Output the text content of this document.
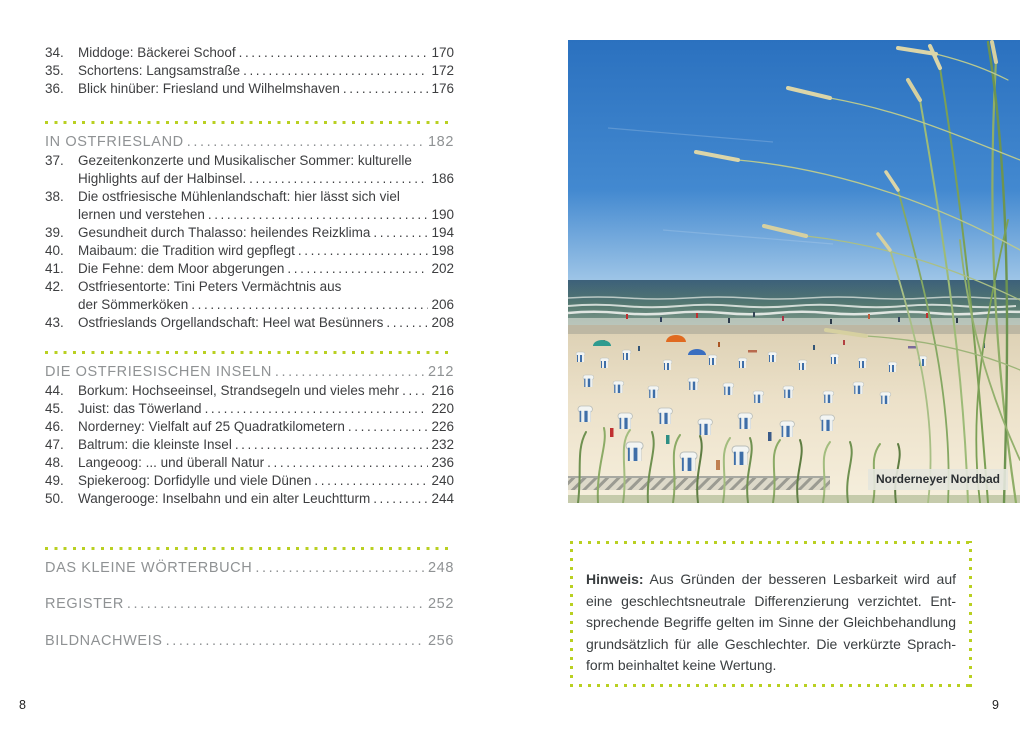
34.	Middoge: Bäckerei Schoof .....	170
35.	Schortens: Langsamstraße .....	172
36.	Blick hinüber: Friesland und Wilhelmshaven .....	176
IN OSTFRIESLAND .....	182
37.	Gezeitenkonzerte und Musikalischer Sommer: kulturelle
Highlights auf der Halbinsel. .....	186
38.	Die ostfriesische Mühlenlandschaft: hier lässt sich viel
lernen und verstehen .....	190
39.	Gesundheit durch Thalasso: heilendes Reizklima .....	194
40.	Maibaum: die Tradition wird gepflegt .....	198
41.	Die Fehne: dem Moor abgerungen .....	202
42.	Ostfriesentorte: Tini Peters Vermächtnis aus
der Sömmerköken .....	206
43.	Ostfrieslands Orgellandschaft: Heel wat Besünners .....	208
DIE OSTFRIESISCHEN INSELN .....	212
44.	Borkum: Hochseeinsel, Strandsegeln und vieles mehr ..... 216
45.	Juist: das Töwerland .....	220
46.	Norderney: Vielfalt auf 25 Quadratkilometern .....	226
47.	Baltrum: die kleinste Insel .....	232
48.	Langeoog: ... und überall Natur .....	236
49.	Spiekeroog: Dorfidylle und viele Dünen .....	240
50.	Wangerooge: Inselbahn und ein alter Leuchtturm .....	244
DAS KLEINE WÖRTERBUCH .....	248
REGISTER .....	252
BILDNACHWEIS .....	256
Norderneyer Nordbad
Hinweis: Aus Gründen der besseren Lesbarkeit wird auf
eine geschlechtsneutrale Differenzierung verzichtet. Ent-
sprechende Begriffe gelten im Sinne der Gleichbehandlung
grundsätzlich für alle Geschlechter. Die verkürzte Sprach-
form beinhaltet keine Wertung.
8	9
